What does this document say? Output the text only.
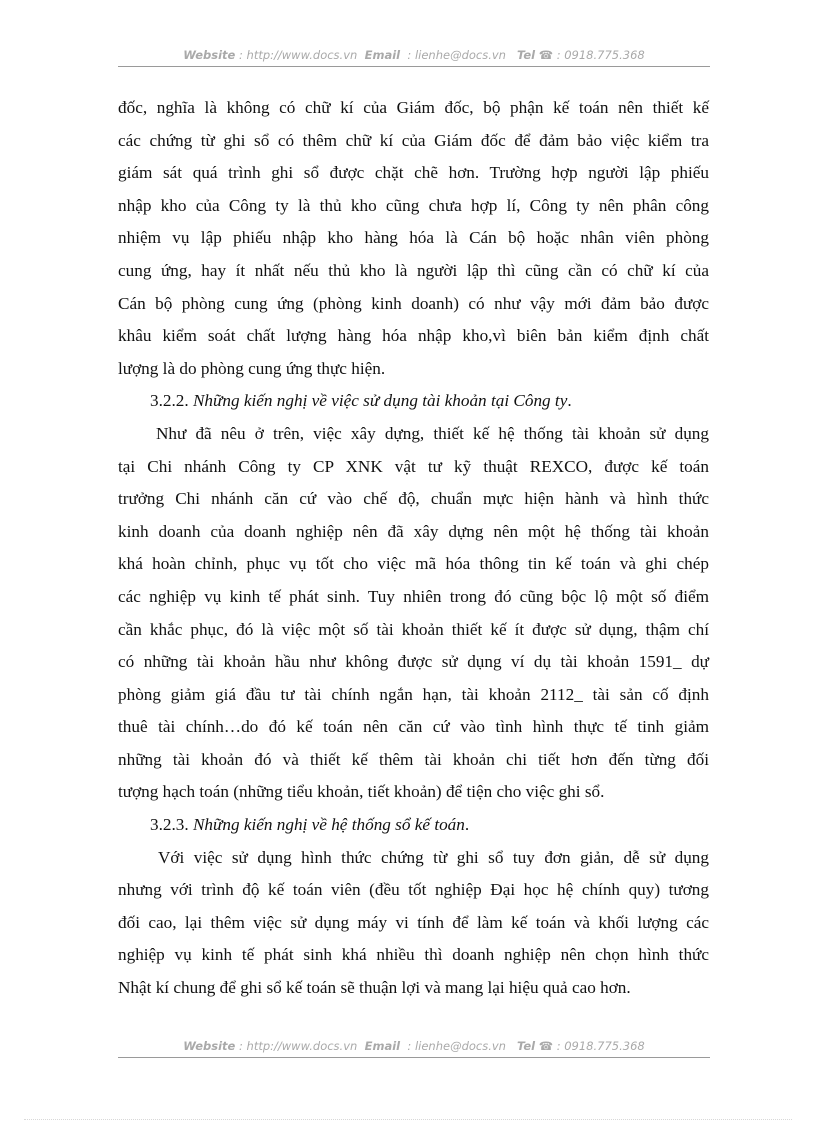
Website : http://www.docs.vn Email  : lienhe@docs.vn Tel ☎ : 0918.775.368

đốc, nghĩa là không có chữ kí của Giám đốc, bộ phận kế toán nên thiết kế
các chứng từ ghi sổ có thêm chữ kí của Giám đốc để đảm bảo việc kiểm tra
giám sát quá trình ghi sổ được chặt chẽ hơn. Trường hợp người lập phiếu
nhập kho của Công ty là thủ kho cũng chưa hợp lí, Công ty nên phân công
nhiệm vụ lập phiếu nhập kho hàng hóa là Cán bộ hoặc nhân viên phòng
cung ứng, hay ít nhất nếu thủ kho là người lập thì cũng cần có chữ kí của
Cán bộ phòng cung ứng (phòng kinh doanh) có như vậy mới đảm bảo được
khâu kiểm soát chất lượng hàng hóa nhập kho,vì biên bản kiểm định chất
lượng là do phòng cung ứng thực hiện.

3.2.2. Những kiến nghị về việc sử dụng tài khoản tại Công ty.

Như đã nêu ở trên, việc xây dựng, thiết kế hệ thống tài khoản sử dụng
tại Chi nhánh Công ty CP XNK vật tư kỹ thuật REXCO, được kế toán
trưởng Chi nhánh căn cứ vào chế độ, chuẩn mực hiện hành và hình thức
kinh doanh của doanh nghiệp nên đã xây dựng nên một hệ thống tài khoản
khá hoàn chỉnh, phục vụ tốt cho việc mã hóa thông tin kế toán và ghi chép
các nghiệp vụ kinh tế phát sinh. Tuy nhiên trong đó cũng bộc lộ một số điểm
cần khắc phục, đó là việc một số tài khoản thiết kế ít được sử dụng, thậm chí
có những tài khoản hầu như không được sử dụng ví dụ tài khoản 1591_ dự
phòng giảm giá đầu tư tài chính ngắn hạn, tài khoản 2112_ tài sản cố định
thuê tài chính…do đó kế toán nên căn cứ vào tình hình thực tế tinh giảm
những tài khoản đó và thiết kế thêm tài khoản chi tiết hơn đến từng đối
tượng hạch toán (những tiểu khoản, tiết khoản) để tiện cho việc ghi sổ.

3.2.3. Những kiến nghị về hệ thống sổ kế toán.

Với việc sử dụng hình thức chứng từ ghi sổ tuy đơn giản, dễ sử dụng
nhưng với trình độ kế toán viên (đều tốt nghiệp Đại học hệ chính quy) tương
đối cao, lại thêm việc sử dụng máy vi tính để làm kế toán và khối lượng các
nghiệp vụ kinh tế phát sinh khá nhiều thì doanh nghiệp nên chọn hình thức
Nhật kí chung để ghi sổ kế toán sẽ thuận lợi và mang lại hiệu quả cao hơn.

Website : http://www.docs.vn Email  : lienhe@docs.vn Tel ☎ : 0918.775.368
